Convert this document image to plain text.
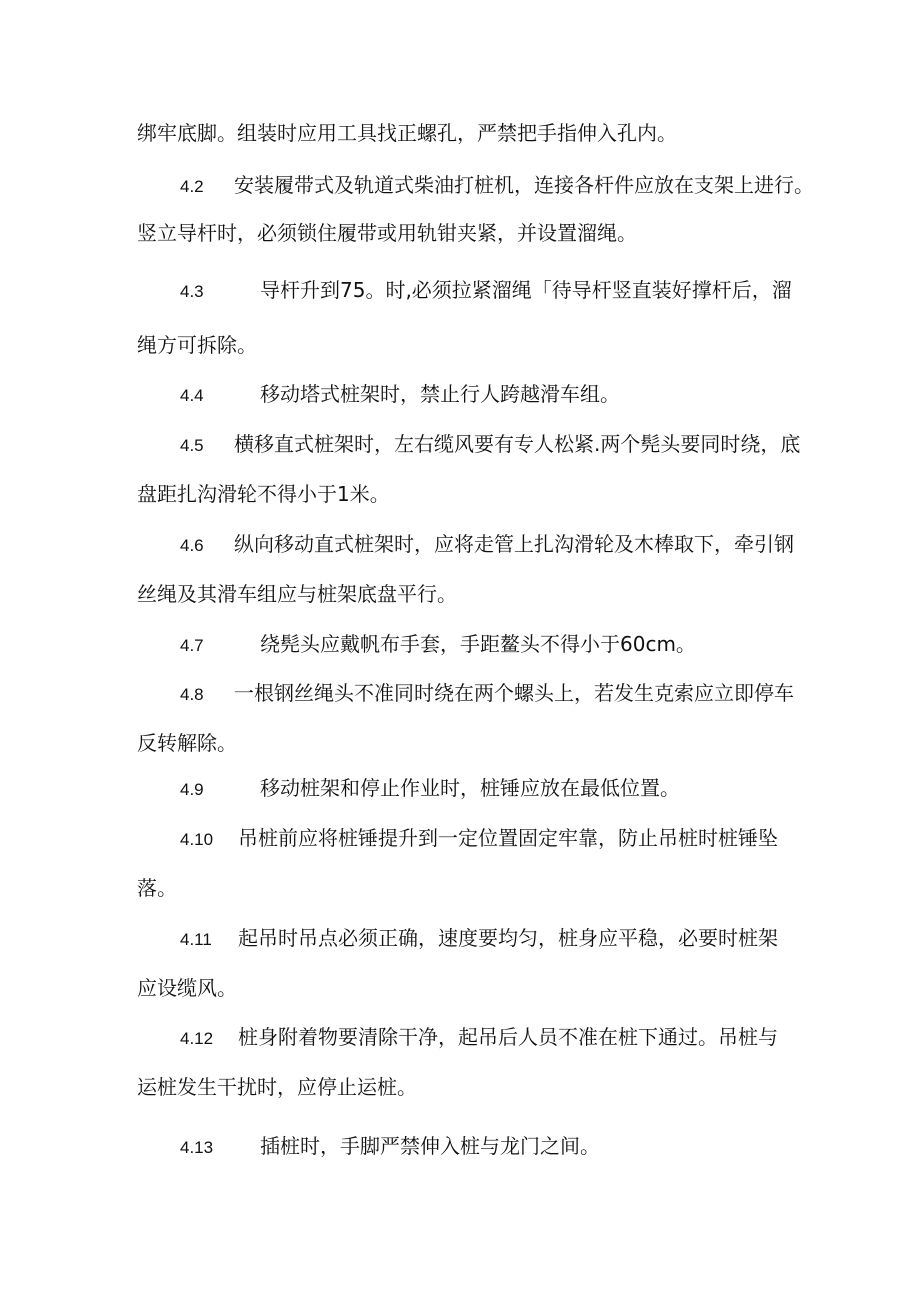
绑牢底脚。组装时应用工具找正螺孔，严禁把手指伸入孔内。
4.2 安装履带式及轨道式柴油打桩机，连接各杆件应放在支架上进行。
竖立导杆时，必须锁住履带或用轨钳夹紧，并设置溜绳。
4.3	导杆升到75。时,必须拉紧溜绳「待导杆竖直装好撑杆后，溜
绳方可拆除。
4.4	移动塔式桩架时，禁止行人跨越滑车组。
4.5 横移直式桩架时，左右缆风要有专人松紧.两个髡头要同时绕，底
盘距扎沟滑轮不得小于1米。
4.6 纵向移动直式桩架时，应将走管上扎沟滑轮及木棒取下，牵引钢
丝绳及其滑车组应与桩架底盘平行。
4.7	绕髡头应戴帆布手套，手距鳌头不得小于60cm。
4.8 一根钢丝绳头不准同时绕在两个螺头上，若发生克索应立即停车
反转解除。
4.9	移动桩架和停止作业时，桩锤应放在最低位置。
4.10 吊桩前应将桩锤提升到一定位置固定牢靠，防止吊桩时桩锤坠
落。
4.11 起吊时吊点必须正确，速度要均匀，桩身应平稳，必要时桩架
应设缆风。
4.12 桩身附着物要清除干净，起吊后人员不准在桩下通过。吊桩与
运桩发生干扰时，应停止运桩。
4.13 插桩时，手脚严禁伸入桩与龙门之间。
